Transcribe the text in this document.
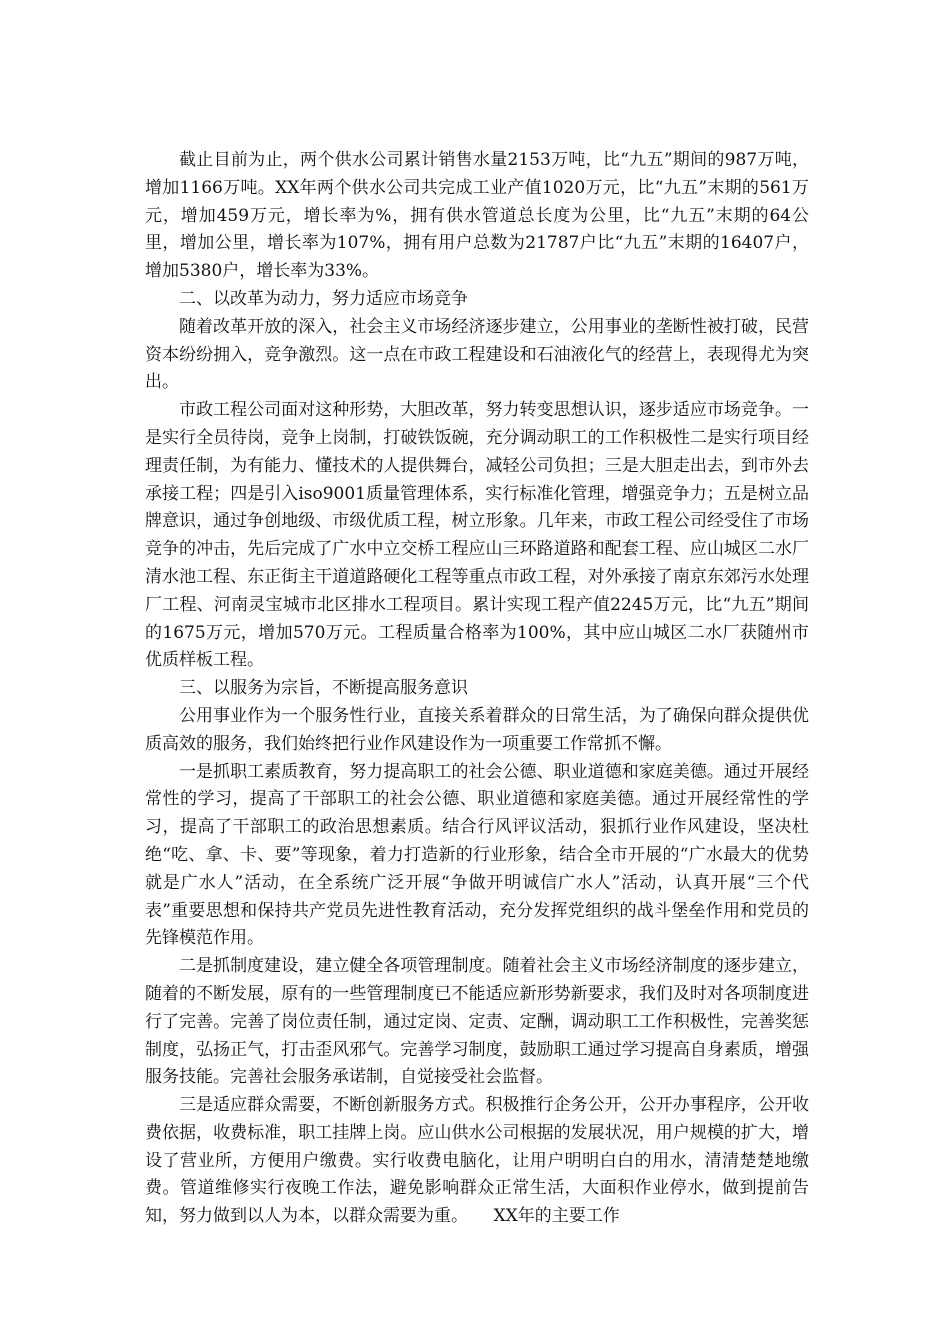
截止目前为止，两个供水公司累计销售水量2153万吨，比“九五”期间的987万吨，增加1166万吨。XX年两个供水公司共完成工业产值1020万元，比“九五”末期的561万元，增加459万元，增长率为%，拥有供水管道总长度为公里，比“九五”末期的64公里，增加公里，增长率为107%，拥有用户总数为21787户比“九五”末期的16407户，增加5380户，增长率为33%。

二、以改革为动力，努力适应市场竞争

随着改革开放的深入，社会主义市场经济逐步建立，公用事业的垄断性被打破，民营资本纷纷拥入，竞争激烈。这一点在市政工程建设和石油液化气的经营上，表现得尤为突出。

市政工程公司面对这种形势，大胆改革，努力转变思想认识，逐步适应市场竞争。一是实行全员待岗，竞争上岗制，打破铁饭碗，充分调动职工的工作积极性二是实行项目经理责任制，为有能力、懂技术的人提供舞台，减轻公司负担；三是大胆走出去，到市外去承接工程；四是引入iso9001质量管理体系，实行标准化管理，增强竞争力；五是树立品牌意识，通过争创地级、市级优质工程，树立形象。几年来，市政工程公司经受住了市场竞争的冲击，先后完成了广水中立交桥工程应山三环路道路和配套工程、应山城区二水厂清水池工程、东正街主干道道路硬化工程等重点市政工程，对外承接了南京东郊污水处理厂工程、河南灵宝城市北区排水工程项目。累计实现工程产值2245万元，比“九五”期间的1675万元，增加570万元。工程质量合格率为100%，其中应山城区二水厂获随州市优质样板工程。

三、以服务为宗旨，不断提高服务意识

公用事业作为一个服务性行业，直接关系着群众的日常生活，为了确保向群众提供优质高效的服务，我们始终把行业作风建设作为一项重要工作常抓不懈。

一是抓职工素质教育，努力提高职工的社会公德、职业道德和家庭美德。通过开展经常性的学习，提高了干部职工的社会公德、职业道德和家庭美德。通过开展经常性的学习，提高了干部职工的政治思想素质。结合行风评议活动，狠抓行业作风建设，坚决杜绝“吃、拿、卡、要”等现象，着力打造新的行业形象，结合全市开展的“广水最大的优势就是广水人”活动，在全系统广泛开展“争做开明诚信广水人”活动，认真开展“三个代表”重要思想和保持共产党员先进性教育活动，充分发挥党组织的战斗堡垒作用和党员的先锋模范作用。

二是抓制度建设，建立健全各项管理制度。随着社会主义市场经济制度的逐步建立，随着的不断发展，原有的一些管理制度已不能适应新形势新要求，我们及时对各项制度进行了完善。完善了岗位责任制，通过定岗、定责、定酬，调动职工工作积极性，完善奖惩制度，弘扬正气，打击歪风邪气。完善学习制度，鼓励职工通过学习提高自身素质，增强服务技能。完善社会服务承诺制，自觉接受社会监督。

三是适应群众需要，不断创新服务方式。积极推行企务公开，公开办事程序，公开收费依据，收费标准，职工挂牌上岗。应山供水公司根据的发展状况，用户规模的扩大，增设了营业所，方便用户缴费。实行收费电脑化，让用户明明白白的用水，清清楚楚地缴费。管道维修实行夜晚工作法，避免影响群众正常生活，大面积作业停水，做到提前告知，努力做到以人为本，以群众需要为重。　　XX年的主要工作
